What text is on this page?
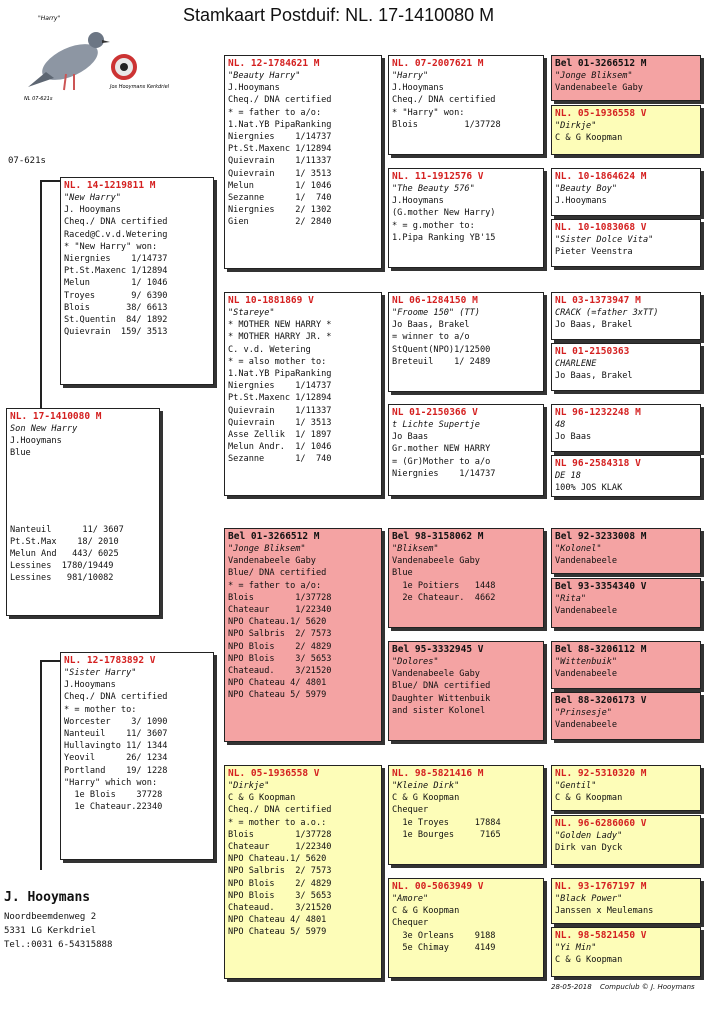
Stamkaart Postduif: NL. 17-1410080 M
"Harry"
NL 07-621s
Jos Hooymans Kerkdriel
07-621s
NL. 17-1410080 M
Son New Harry
J.Hooymans
Blue
Nanteuil      11/ 3607
Pt.St.Max    18/ 2010
Melun And   443/ 6025
Lessines  1780/19449
Lessines   981/10082
NL. 14-1219811 M
"New Harry"
J. Hooymans
Cheq./ DNA certified
Raced@C.v.d.Wetering
* "New Harry" won:
Niergnies    1/14737
Pt.St.Maxenc 1/12894
Melun        1/ 1046
Troyes       9/ 6390
Blois       38/ 6613
St.Quentin  84/ 1892
Quievrain  159/ 3513
NL. 12-1783892 V
"Sister Harry"
J.Hooymans
Cheq./ DNA certified
* = mother to:
Worcester    3/ 1090
Nanteuil    11/ 3607
Hullavingto 11/ 1344
Yeovil      26/ 1234
Portland    19/ 1228
"Harry" which won:
1e Blois    37728
1e Chateaur.22340
NL. 12-1784621 M
"Beauty Harry"
J.Hooymans
Cheq./ DNA certified
* = father to a/o:
1.Nat.YB PipaRanking
Niergnies    1/14737
Pt.St.Maxenc 1/12894
Quievrain    1/11337
Quievrain    1/ 3513
Melun        1/ 1046
Sezanne      1/  740
Niergnies    2/ 1302
Gien         2/ 2840
NL 10-1881869 V
"Stareye"
* MOTHER NEW HARRY *
* MOTHER HARRY JR. *
C. v.d. Wetering
* = also mother to:
1.Nat.YB PipaRanking
Niergnies    1/14737
Pt.St.Maxenc 1/12894
Quievrain    1/11337
Quievrain    1/ 3513
Asse Zellik  1/ 1897
Melun Andr.  1/ 1046
Sezanne      1/  740
Bel 01-3266512 M
"Jonge Bliksem"
Vandenabeele Gaby
Blue/ DNA certified
* = father to a/o:
Blois        1/37728
Chateaur     1/22340
NPO Chateau.1/ 5620
NPO Salbris  2/ 7573
NPO Blois    2/ 4829
NPO Blois    3/ 5653
Chateaud.    3/21520
NPO Chateau 4/ 4801
NPO Chateau 5/ 5979
NL. 05-1936558 V
"Dirkje"
C & G Koopman
Cheq./ DNA certified
* = mother to a.o.:
Blois        1/37728
Chateaur     1/22340
NPO Chateau.1/ 5620
NPO Salbris  2/ 7573
NPO Blois    2/ 4829
NPO Blois    3/ 5653
Chateaud.    3/21520
NPO Chateau 4/ 4801
NPO Chateau 5/ 5979
NL. 07-2007621 M
"Harry"
J.Hooymans
Cheq./ DNA certified
* "Harry" won:
Blois         1/37728
NL. 11-1912576 V
"The Beauty 576"
J.Hooymans
(G.mother New Harry)
* = g.mother to:
1.Pipa Ranking YB'15
NL 06-1284150 M
"Froome 150" (TT)
Jo Baas, Brakel
= winner to a/o
StQuent(NPO)1/12500
Breteuil    1/ 2489
NL 01-2150366 V
t Lichte Supertje
Jo Baas
Gr.mother NEW HARRY
= (Gr)Mother to a/o
Niergnies    1/14737
Bel 98-3158062 M
"Bliksem"
Vandenabeele Gaby
Blue
1e Poitiers   1448
2e Chateaur.  4662
Bel 95-3332945 V
"Dolores"
Vandenabeele Gaby
Blue/ DNA certified
Daughter Wittenbuik
and sister Kolonel
NL. 98-5821416 M
"Kleine Dirk"
C & G Koopman
Chequer
1e Troyes     17884
1e Bourges     7165
NL. 00-5063949 V
"Amore"
C & G Koopman
Chequer
3e Orleans    9188
5e Chimay     4149
Bel 01-3266512 M
"Jonge Bliksem"
Vandenabeele Gaby
NL. 05-1936558 V
"Dirkje"
C & G Koopman
NL. 10-1864624 M
"Beauty Boy"
J.Hooymans
NL. 10-1083068 V
"Sister Dolce Vita"
Pieter Veenstra
NL 03-1373947 M
CRACK (=father 3xTT)
Jo Baas, Brakel
NL 01-2150363
CHARLENE
Jo Baas, Brakel
NL 96-1232248 M
48
Jo Baas
NL 96-2584318 V
DE 18
100% JOS KLAK
Bel 92-3233008 M
"Kolonel"
Vandenabeele
Bel 93-3354340 V
"Rita"
Vandenabeele
Bel 88-3206112 M
"Wittenbuik"
Vandenabeele
Bel 88-3206173 V
"Prinsesje"
Vandenabeele
NL. 92-5310320 M
"Gentil"
C & G Koopman
NL. 96-6286060 V
"Golden Lady"
Dirk van Dyck
NL. 93-1767197 M
"Black Power"
Janssen x Meulemans
NL. 98-5821450 V
"Yi Min"
C & G Koopman
J. Hooymans
Noordbeemdenweg 2
5331 LG Kerkdriel
Tel.:0031 6-54315888
28-05-2018 Compuclub © J. Hooymans
